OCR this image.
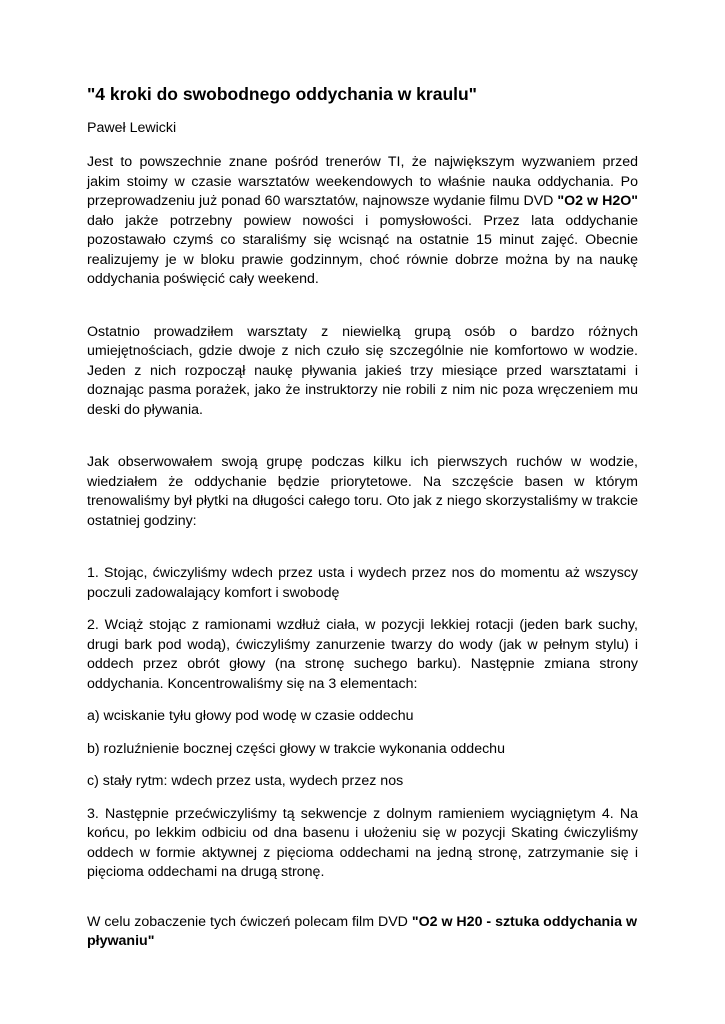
"4 kroki do swobodnego oddychania w kraulu"
Paweł Lewicki

Jest to powszechnie znane pośród trenerów TI, że największym wyzwaniem przed jakim stoimy w czasie warsztatów weekendowych to właśnie nauka oddychania. Po przeprowadzeniu już ponad 60 warsztatów, najnowsze wydanie filmu DVD "O2 w H2O" dało jakże potrzebny powiew nowości i pomysłowości. Przez lata oddychanie pozostawało czymś co staraliśmy się wcisnąć na ostatnie 15 minut zajęć. Obecnie realizujemy je w bloku prawie godzinnym, choć równie dobrze można by na naukę oddychania poświęcić cały weekend.

Ostatnio prowadziłem warsztaty z niewielką grupą osób o bardzo różnych umiejętnościach, gdzie dwoje z nich czuło się szczególnie nie komfortowo w wodzie. Jeden z nich rozpoczął naukę pływania jakieś trzy miesiące przed warsztatami i doznając pasma porażek, jako że instruktorzy nie robili z nim nic poza wręczeniem mu deski do pływania.

Jak obserwowałem swoją grupę podczas kilku ich pierwszych ruchów w wodzie, wiedziałem że oddychanie będzie priorytetowe. Na szczęście basen w którym trenowaliśmy był płytki na długości całego toru. Oto jak z niego skorzystaliśmy w trakcie ostatniej godziny:

1. Stojąc, ćwiczyliśmy wdech przez usta i wydech przez nos do momentu aż wszyscy poczuli zadowalający komfort i swobodę

2. Wciąż stojąc z ramionami wzdłuż ciała, w pozycji lekkiej rotacji (jeden bark suchy, drugi bark pod wodą), ćwiczyliśmy zanurzenie twarzy do wody (jak w pełnym stylu) i oddech przez obrót głowy (na stronę suchego barku). Następnie zmiana strony oddychania. Koncentrowaliśmy się na 3 elementach:

a) wciskanie tyłu głowy pod wodę w czasie oddechu

b) rozluźnienie bocznej części głowy w trakcie wykonania oddechu

c) stały rytm: wdech przez usta, wydech przez nos

3. Następnie przećwiczyliśmy tą sekwencje z dolnym ramieniem wyciągniętym 4. Na końcu, po lekkim odbiciu od dna basenu i ułożeniu się w pozycji Skating ćwiczyliśmy oddech w formie aktywnej z pięcioma oddechami na jedną stronę, zatrzymanie się i pięcioma oddechami na drugą stronę.

W celu zobaczenie tych ćwiczeń polecam film DVD "O2 w H20 - sztuka oddychania w pływaniu"
